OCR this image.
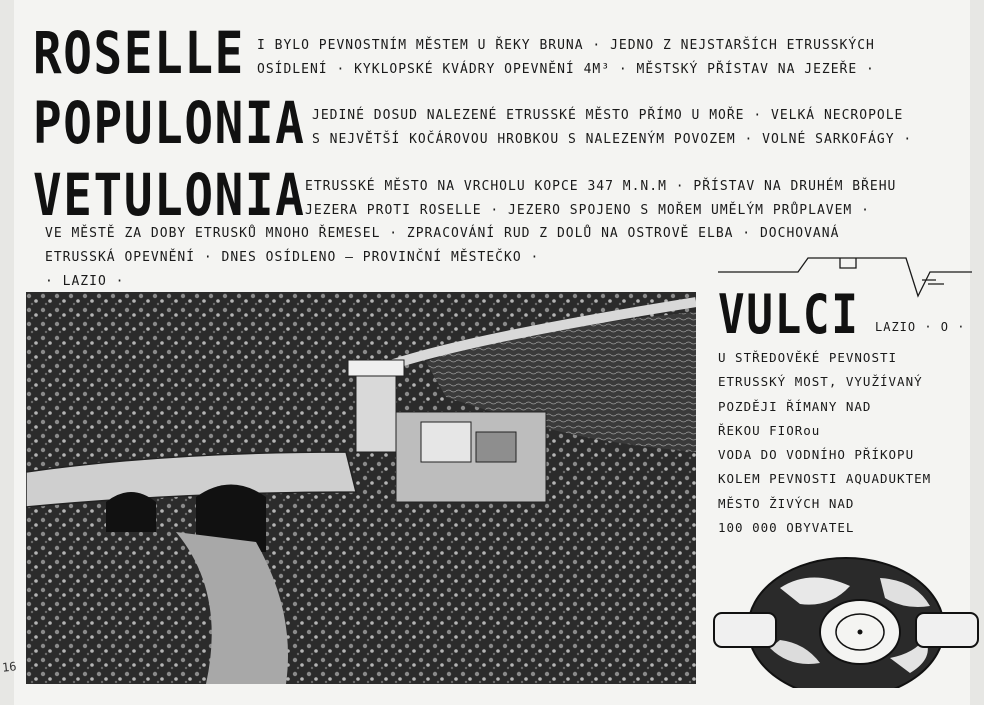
ROSELLE I BYLO PEVNOSTNÍM MĚSTEM U ŘEKY BRUNA · JEDNO Z NEJSTARŠÍCH ETRUSSKÝCH
OSÍDLENÍ · KYKLOPSKÉ KVÁDRY OPEVNĚNÍ 4M³ · MĚSTSKÝ PŘÍSTAV NA JEZEŘE ·
POPULONIA JEDINÉ DOSUD NALEZENÉ ETRUSSKÉ MĚSTO PŘÍMO U MOŘE · VELKÁ NECROPOLE
S NEJVĚTŠÍ KOČÁROVOU HROBKOU S NALEZENÝM POVOZEM · VOLNÉ SARKOFÁGY ·
VETULONIA ETRUSSKÉ MĚSTO NA VRCHOLU KOPCE 347 M.N.M · PŘÍSTAV NA DRUHÉM BŘEHU
JEZERA PROTI ROSELLE · JEZERO SPOJENO S MOŘEM UMĚLÝM PRŮPLAVEM ·
VE MĚSTĚ ZA DOBY ETRUSKŮ MNOHO ŘEMESEL · ZPRACOVÁNÍ RUD Z DOLŮ NA OSTROVĚ ELBA · DOCHOVANÁ
ETRUSSKÁ OPEVNĚNÍ · DNES OSÍDLENO – PROVINČNÍ MĚSTEČKO ·
· LAZIO ·
VULCI LAZIO · O ·
U STŘEDOVĚKÉ PEVNOSTI
ETRUSSKÝ MOST, VYUŽÍVANÝ
POZDĚJI ŘÍMANY NAD
ŘEKOU FIORou
VODA DO VODNÍHO PŘÍKOPU
KOLEM PEVNOSTI AQUADUKTEM
MĚSTO ŽIVÝCH NAD
100 000 OBYVATEL
16
